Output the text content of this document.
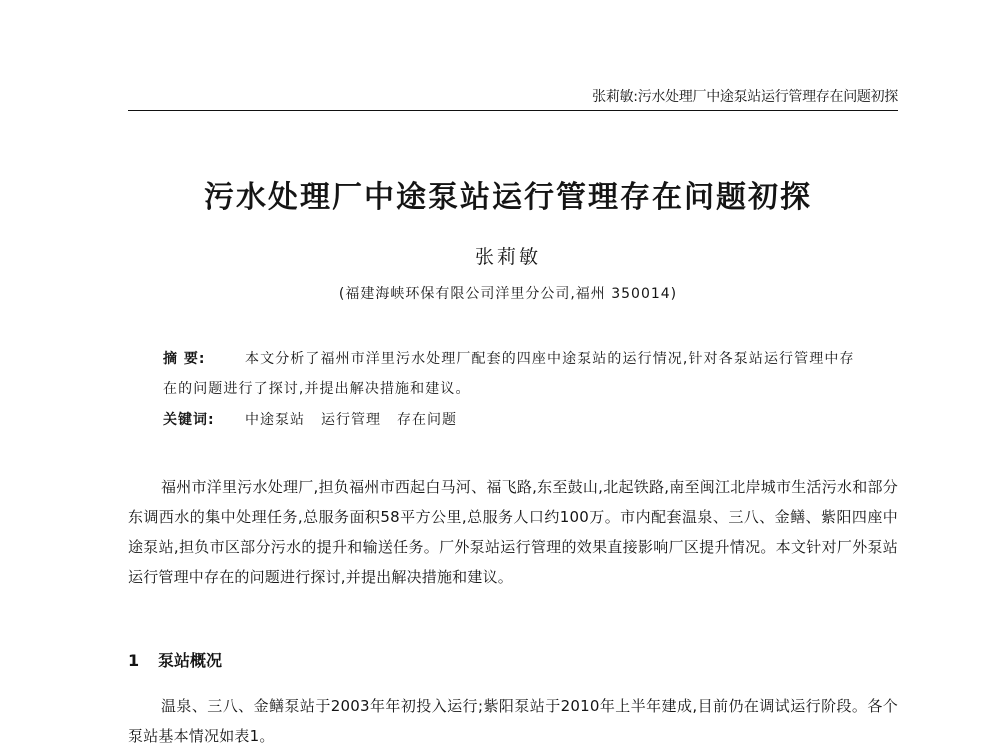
张莉敏:污水处理厂中途泵站运行管理存在问题初探
污水处理厂中途泵站运行管理存在问题初探
张莉敏
(福建海峡环保有限公司洋里分公司,福州 350014)
摘 要:	本文分析了福州市洋里污水处理厂配套的四座中途泵站的运行情况,针对各泵站运行管理中存在的问题进行了探讨,并提出解决措施和建议。
关键词: 中途泵站 运行管理 存在问题
福州市洋里污水处理厂,担负福州市西起白马河、福飞路,东至鼓山,北起铁路,南至闽江北岸城市生活污水和部分东调西水的集中处理任务,总服务面积58平方公里,总服务人口约100万。市内配套温泉、三八、金鳝、紫阳四座中途泵站,担负市区部分污水的提升和输送任务。厂外泵站运行管理的效果直接影响厂区提升情况。本文针对厂外泵站运行管理中存在的问题进行探讨,并提出解决措施和建议。
1 泵站概况
温泉、三八、金鳝泵站于2003年年初投入运行;紫阳泵站于2010年上半年建成,目前仍在调试运行阶段。各个泵站基本情况如表1。
